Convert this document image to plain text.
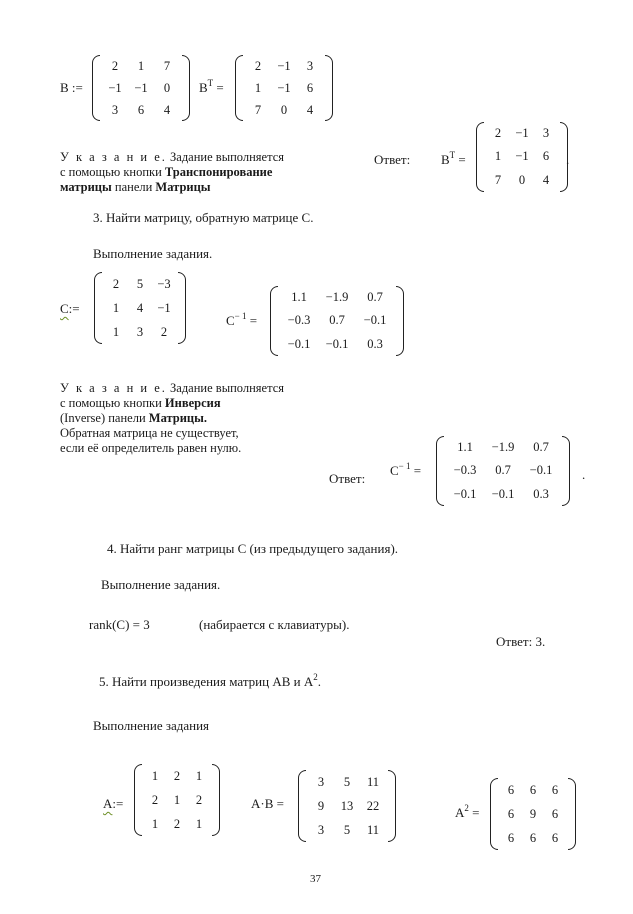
B :=
2 1 7
−1 −1 0
3 6 4
$B^T$ =
2 −1 3
1 −1 6
7 0 4
У к а з а н и е. Задание выполняется
с помощью кнопки Транспонирование
матрицы панели Матрицы
Ответ: $B^T$ =
2 −1 3
1 −1 6
7 0 4
.
3. Найти матрицу, обратную матрице С.
Выполнение задания.
C:=
2 5 −3
1 4 −1
1 3 2
$C^{- 1}$ =
1.1 −1.9 0.7
−0.3 0.7 −0.1
−0.1 −0.1 0.3
У к а з а н и е. Задание выполняется
с помощью кнопки Инверсия
(Inverse) панели Матрицы.
Обратная матрица не существует,
если её определитель равен нулю.
Ответ:
$C^{- 1}$ =
1.1 −1.9 0.7
−0.3 0.7 −0.1
−0.1 −0.1 0.3
.
4. Найти ранг матрицы С (из предыдущего задания).
Выполнение задания.
rank(C) = 3	(набирается с клавиатуры).
Ответ: 3.
5. Найти произведения матриц АВ и $А^2$.
Выполнение задания
A:=
1 2 1
2 1 2
1 2 1
A·B =
3 5 11
9 13 22
3 5 11
$A^2$ =
6 6 6
6 9 6
6 6 6
37
